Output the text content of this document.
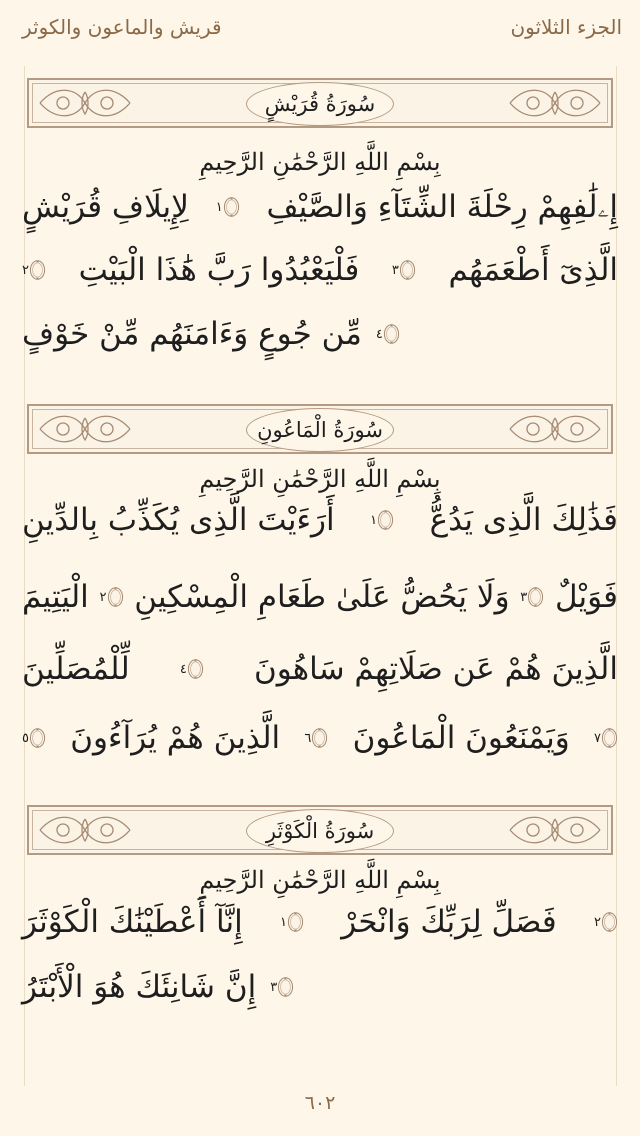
قريش والماعون والكوثر	الجزء الثلاثون
سُورَةُ قُرَيْشٍ
بِسْمِ اللَّهِ الرَّحْمَٰنِ الرَّحِيمِ
لِإِيلَافِ قُرَيْشٍ ١ إِۦلَٰفِهِمْ رِحْلَةَ الشِّتَآءِ وَالصَّيْفِ
٢ فَلْيَعْبُدُوا رَبَّ هَٰذَا الْبَيْتِ	٣ الَّذِىٓ أَطْعَمَهُم
مِّن جُوعٍ وَءَامَنَهُم مِّنْ خَوْفٍ ٤
سُورَةُ الْمَاعُونِ
بِسْمِ اللَّهِ الرَّحْمَٰنِ الرَّحِيمِ
أَرَءَيْتَ الَّذِى يُكَذِّبُ بِالدِّينِ	١ فَذَٰلِكَ الَّذِى يَدُعُّ
الْيَتِيمَ ٢ وَلَا يَحُضُّ عَلَىٰ طَعَامِ الْمِسْكِينِ ٣ فَوَيْلٌ
لِّلْمُصَلِّينَ	٤ الَّذِينَ هُمْ عَن صَلَاتِهِمْ سَاهُونَ
٥ الَّذِينَ هُمْ يُرَآءُونَ ٦ وَيَمْنَعُونَ الْمَاعُونَ ٧
سُورَةُ الْكَوْثَرِ
بِسْمِ اللَّهِ الرَّحْمَٰنِ الرَّحِيمِ
إِنَّآ أَعْطَيْنَٰكَ الْكَوْثَرَ	١ فَصَلِّ لِرَبِّكَ وَانْحَرْ	٢
إِنَّ شَانِئَكَ هُوَ الْأَبْتَرُ ٣
٦٠٢
